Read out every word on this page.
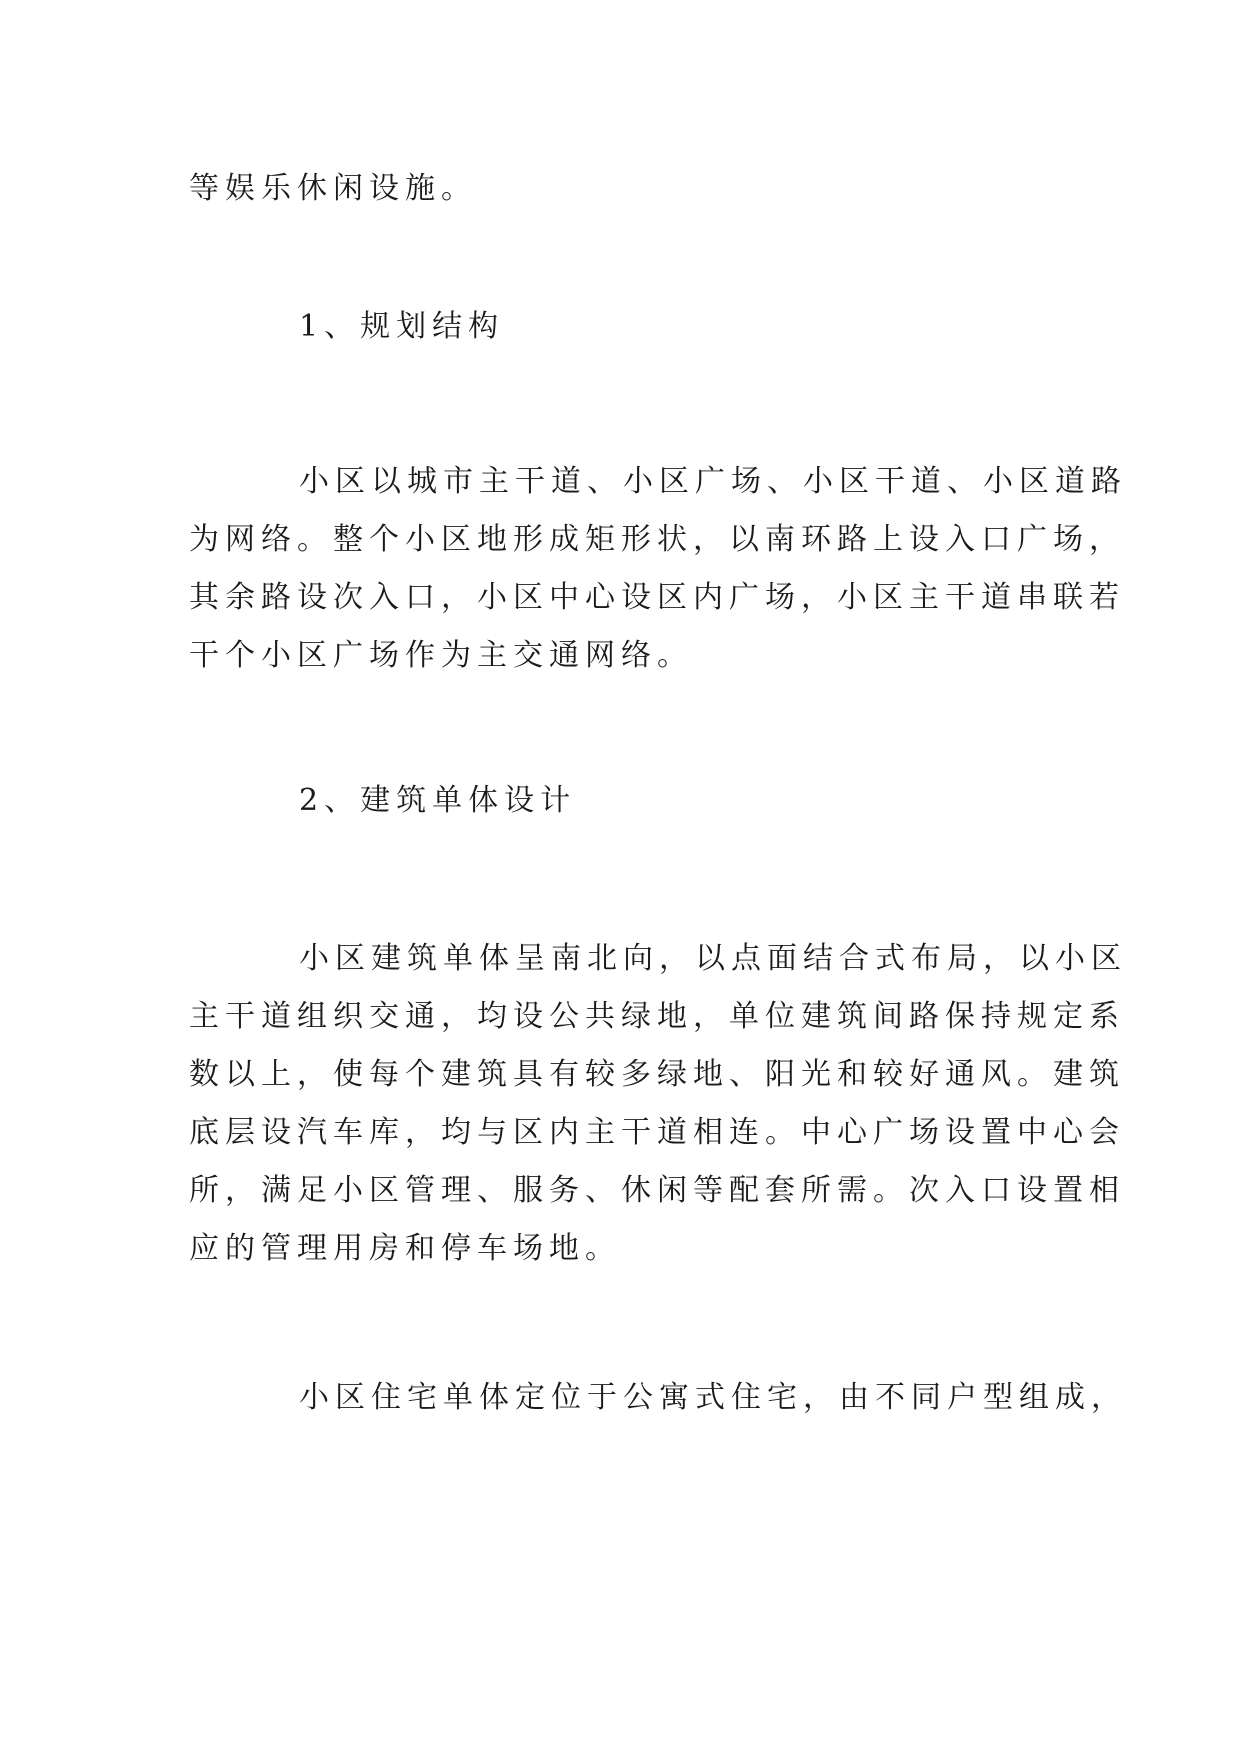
等娱乐休闲设施。

1、规划结构

小区以城市主干道、小区广场、小区干道、小区道路
为网络。整个小区地形成矩形状，以南环路上设入口广场，
其余路设次入口，小区中心设区内广场，小区主干道串联若
干个小区广场作为主交通网络。

2、建筑单体设计

小区建筑单体呈南北向，以点面结合式布局，以小区
主干道组织交通，均设公共绿地，单位建筑间路保持规定系
数以上，使每个建筑具有较多绿地、阳光和较好通风。建筑
底层设汽车库，均与区内主干道相连。中心广场设置中心会
所，满足小区管理、服务、休闲等配套所需。次入口设置相
应的管理用房和停车场地。

小区住宅单体定位于公寓式住宅，由不同户型组成，
